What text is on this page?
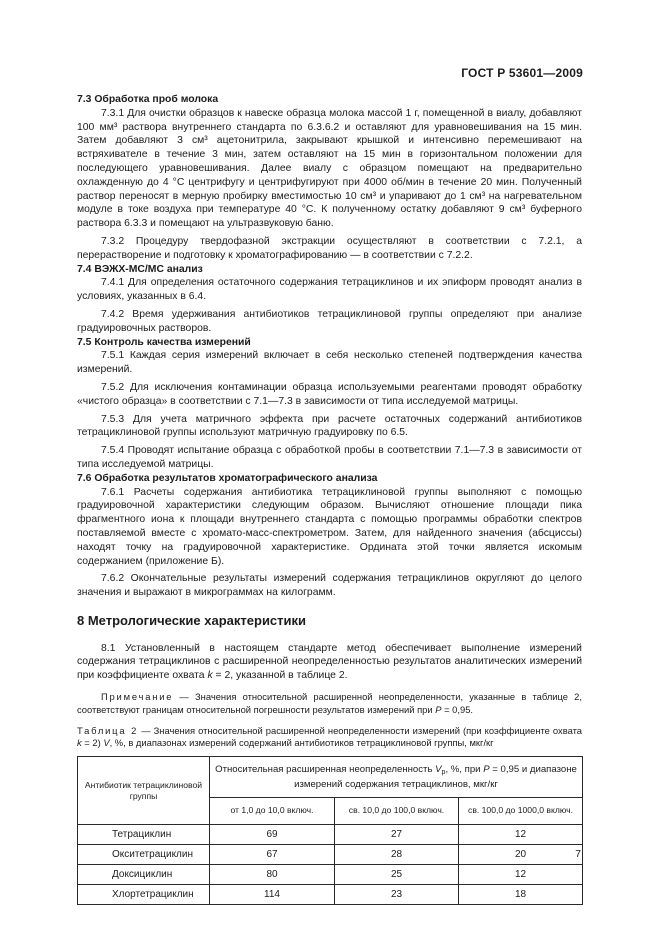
ГОСТ Р 53601—2009
7.3 Обработка проб молока

7.3.1 Для очистки образцов к навеске образца молока массой 1 г, помещенной в виалу, добавляют 100 мм³ раствора внутреннего стандарта по 6.3.6.2 и оставляют для уравновешивания на 15 мин. Затем добавляют 3 см³ ацетонитрила, закрывают крышкой и интенсивно перемешивают на встряхивателе в течение 3 мин, затем оставляют на 15 мин в горизонтальном положении для последующего уравновешивания. Далее виалу с образцом помещают на предварительно охлажденную до 4 °С центрифугу и центрифугируют при 4000 об/мин в течение 20 мин. Полученный раствор переносят в мерную пробирку вместимостью 10 см³ и упаривают до 1 см³ на нагревательном модуле в токе воздуха при температуре 40 °С. К полученному остатку добавляют 9 см³ буферного раствора 6.3.3 и помещают на ультразвуковую баню.

7.3.2 Процедуру твердофазной экстракции осуществляют в соответствии с 7.2.1, а перерастворение и подготовку к хроматографированию — в соответствии с 7.2.2.

7.4 ВЭЖХ-МС/МС анализ

7.4.1 Для определения остаточного содержания тетрациклинов и их эпиформ проводят анализ в условиях, указанных в 6.4.

7.4.2 Время удерживания антибиотиков тетрациклиновой группы определяют при анализе градуировочных растворов.

7.5 Контроль качества измерений

7.5.1 Каждая серия измерений включает в себя несколько степеней подтверждения качества измерений.

7.5.2 Для исключения контаминации образца используемыми реагентами проводят обработку «чистого образца» в соответствии с 7.1—7.3 в зависимости от типа исследуемой матрицы.

7.5.3 Для учета матричного эффекта при расчете остаточных содержаний антибиотиков тетрациклиновой группы используют матричную градуировку по 6.5.

7.5.4 Проводят испытание образца с обработкой пробы в соответствии 7.1—7.3 в зависимости от типа исследуемой матрицы.

7.6 Обработка результатов хроматографического анализа

7.6.1 Расчеты содержания антибиотика тетрациклиновой группы выполняют с помощью градуировочной характеристики следующим образом. Вычисляют отношение площади пика фрагментного иона к площади внутреннего стандарта с помощью программы обработки спектров поставляемой вместе с хромато-масс-спектрометром. Затем, для найденного значения (абсциссы) находят точку на градуировочной характеристике. Ордината этой точки является искомым содержанием (приложение Б).

7.6.2 Окончательные результаты измерений содержания тетрациклинов округляют до целого значения и выражают в микрограммах на килограмм.

8 Метрологические характеристики

8.1 Установленный в настоящем стандарте метод обеспечивает выполнение измерений содержания тетрациклинов с расширенной неопределенностью результатов аналитических измерений при коэффициенте охвата k = 2, указанной в таблице 2.

Примечание — Значения относительной расширенной неопределенности, указанные в таблице 2, соответствуют границам относительной погрешности результатов измерений при P = 0,95.

Таблица 2 — Значения относительной расширенной неопределенности измерений (при коэффициенте охвата k = 2) V, %, в диапазонах измерений содержаний антибиотиков тетрациклиновой группы, мкг/кг

Антибиотик тетрациклиновой группы	Относительная расширенная неопределенность $V_p$, %, при P = 0,95 и диапазоне измерений содержания тетрациклинов, мкг/кг		
	от 1,0 до 10,0 включ.	св. 10,0 до 100,0 включ.	св. 100,0 до 1000,0 включ.
Тетрациклин	69	27	12
Окситетрациклин	67	28	20
Доксициклин	80	25	12
Хлортетрациклин	114	23	18
7
